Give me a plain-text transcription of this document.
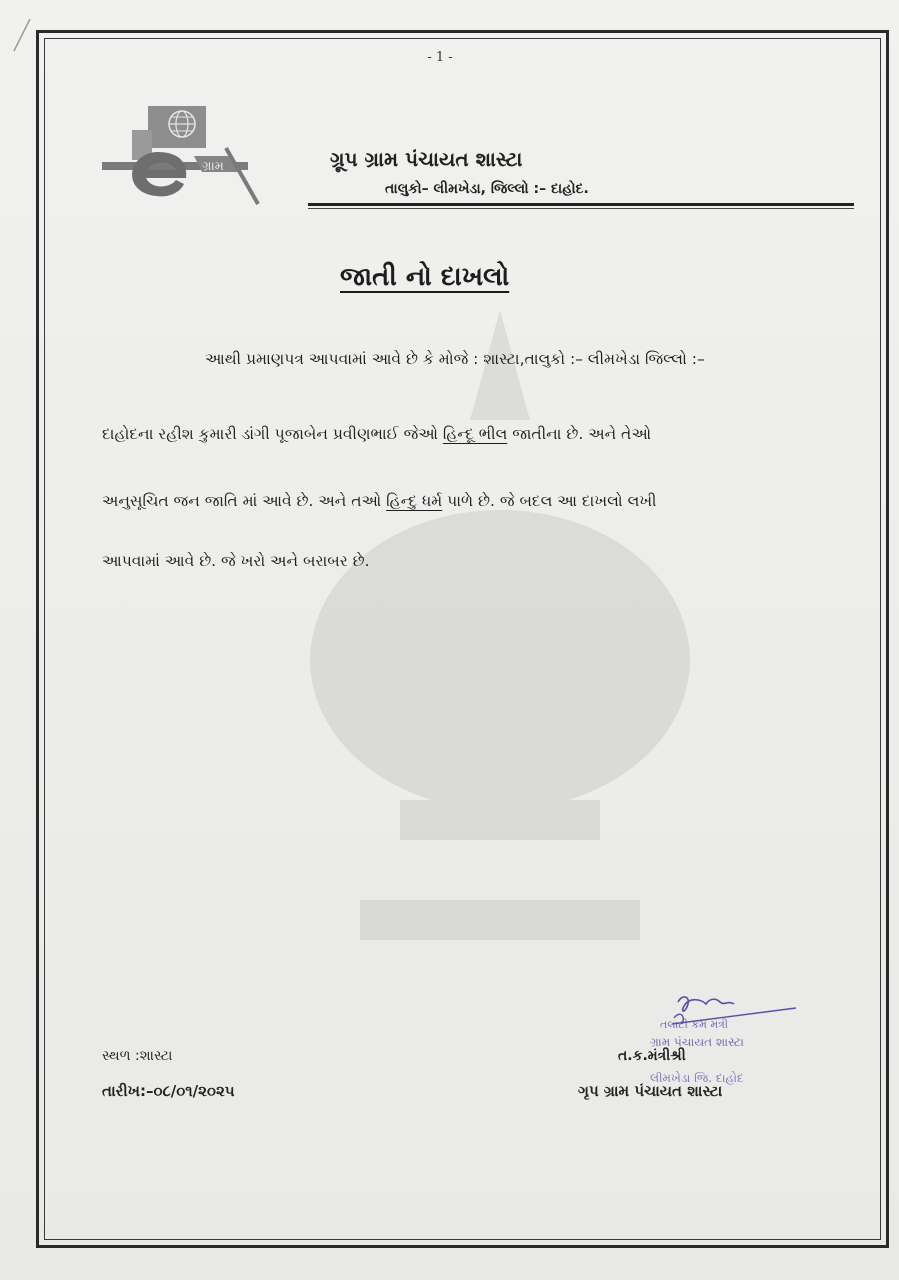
- 1 -
ગ્રામ	ગ્રૂપ ગ્રામ પંચાયત શાસ્ટા
તાલુકો– લીમખેડા, જિલ્લો :– દાહોદ.
જાતી નો દાખલો
આથી પ્રમાણપત્ર આપવામાં આવે છે કે મોજે : શાસ્ટા,તાલુકો :– લીમખેડા જિલ્લો :–
દાહોદના રહીશ કુમારી ડાંગી પૂજાબેન પ્રવીણભાઈ જેઓ હિન્દૂ ભીલ જાતીના છે. અને તેઓ
અનુસૂચિત જન જાતિ માં આવે છે. અને તઓ હિન્દુ ધર્મ પાળે છે. જે બદલ આ દાખલો લખી
આપવામાં આવે છે. જે ખરો અને બરાબર છે.
સ્થળ :શાસ્ટા
તારીખ:–૦૮/૦૧/૨૦૨૫
ત.ક.મંત્રીશ્રી
ગૃપ ગ્રામ પંચાયત શાસ્ટા
ગ્રામ પંચાયત શાસ્ટા
લીમખેડા જિ. દાહોદ
તલાટી કમ મંત્રી
